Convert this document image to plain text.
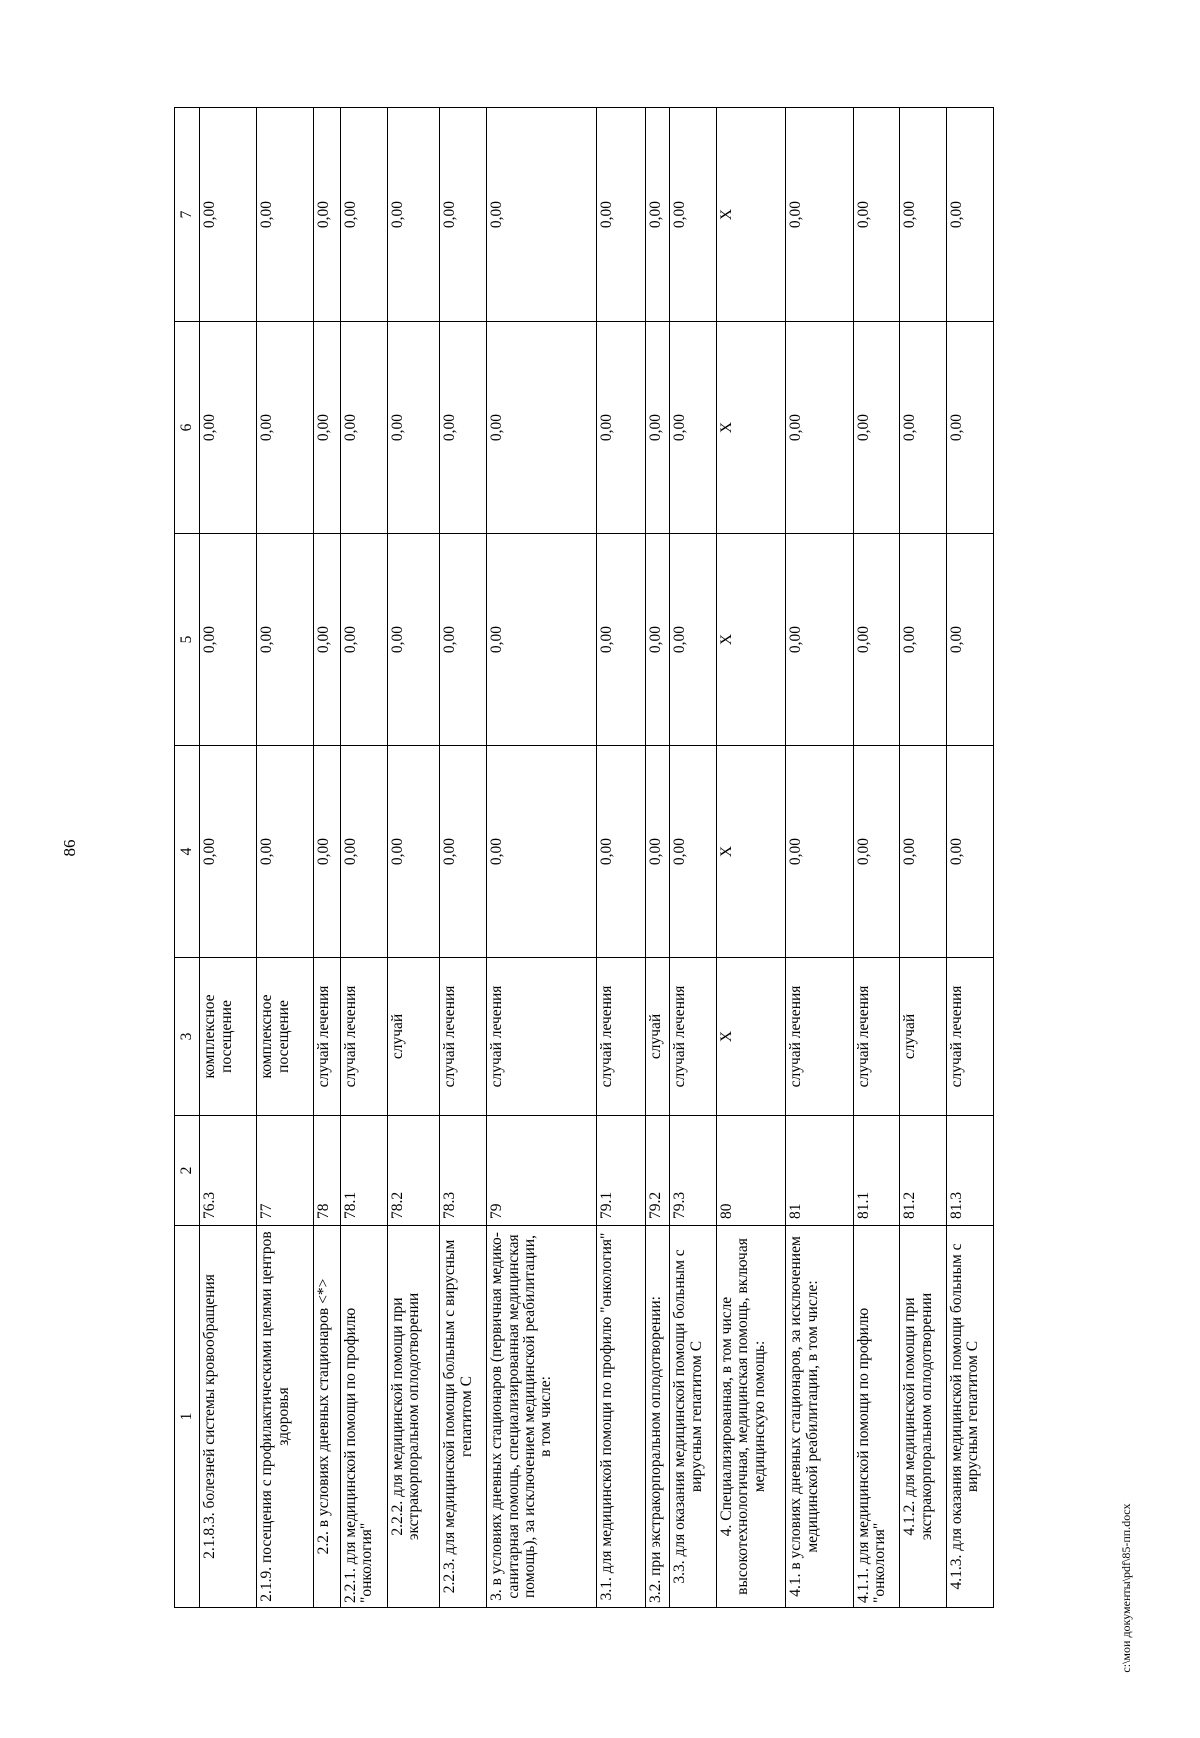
86
1	2	3	4	5	6	7
2.1.8.3. болезней системы кровообращения	76.3	комплексное посещение	0,00	0,00	0,00	0,00
2.1.9. посещения с профилактическими целями центров здоровья	77	комплексное посещение	0,00	0,00	0,00	0,00
2.2. в условиях дневных стационаров <*>	78	случай лечения	0,00	0,00	0,00	0,00
2.2.1. для медицинской помощи по профилю "онкология"	78.1	случай лечения	0,00	0,00	0,00	0,00
2.2.2. для медицинской помощи при экстракорпоральном оплодотворении	78.2	случай	0,00	0,00	0,00	0,00
2.2.3. для медицинской помощи больным с вирусным гепатитом С	78.3	случай лечения	0,00	0,00	0,00	0,00
3. в условиях дневных стационаров (первичная медико-санитарная помощь, специализированная медицинская помощь), за исключением медицинской реабилитации, в том числе:	79	случай лечения	0,00	0,00	0,00	0,00
3.1. для медицинской помощи по профилю "онкология"	79.1	случай лечения	0,00	0,00	0,00	0,00
3.2. при экстракорпоральном оплодотворении:	79.2	случай	0,00	0,00	0,00	0,00
3.3. для оказания медицинской помощи больным с вирусным гепатитом С	79.3	случай лечения	0,00	0,00	0,00	0,00
4. Специализированная, в том числе высокотехнологичная, медицинская помощь, включая медицинскую помощь:	80	Х	Х	Х	Х	Х
4.1. в условиях дневных стационаров, за исключением медицинской реабилитации, в том числе:	81	случай лечения	0,00	0,00	0,00	0,00
4.1.1. для медицинской помощи по профилю "онкология"	81.1	случай лечения	0,00	0,00	0,00	0,00
4.1.2. для медицинской помощи при экстракорпоральном оплодотворении	81.2	случай	0,00	0,00	0,00	0,00
4.1.3. для оказания медицинской помощи больным с вирусным гепатитом С	81.3	случай лечения	0,00	0,00	0,00	0,00
c:\мои документы\pdf\85-пп.docx
